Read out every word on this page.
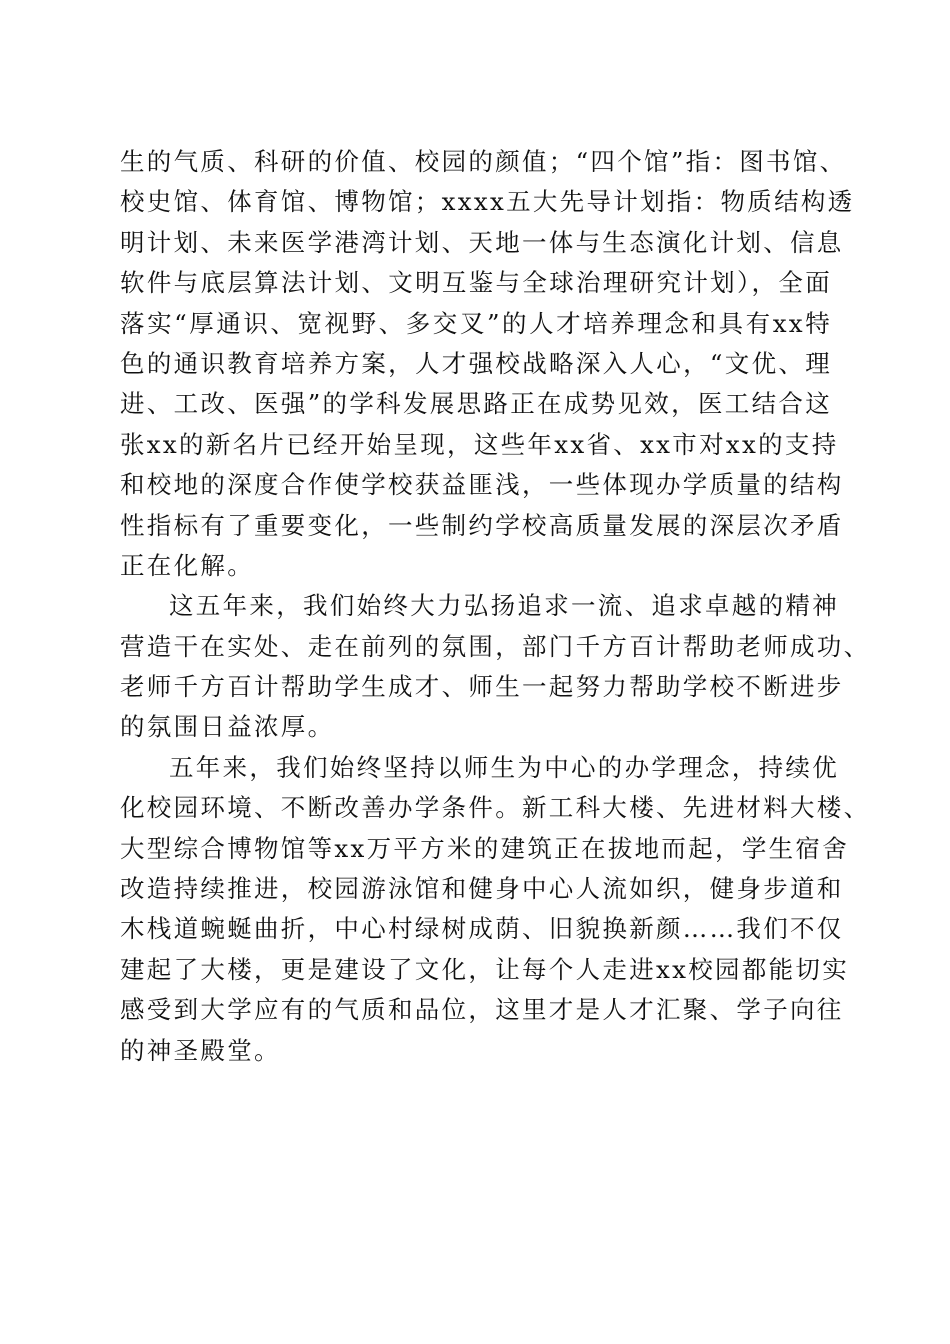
生的气质、科研的价值、校园的颜值；“四个馆”指：图书馆、
校史馆、体育馆、博物馆；xxxx五大先导计划指：物质结构透
明计划、未来医学港湾计划、天地一体与生态演化计划、信息
软件与底层算法计划、文明互鉴与全球治理研究计划），全面
落实“厚通识、宽视野、多交叉”的人才培养理念和具有xx特
色的通识教育培养方案，人才强校战略深入人心，“文优、理
进、工改、医强”的学科发展思路正在成势见效，医工结合这
张xx的新名片已经开始呈现，这些年xx省、xx市对xx的支持
和校地的深度合作使学校获益匪浅，一些体现办学质量的结构
性指标有了重要变化，一些制约学校高质量发展的深层次矛盾
正在化解。
这五年来，我们始终大力弘扬追求一流、追求卓越的精神
营造干在实处、走在前列的氛围，部门千方百计帮助老师成功、
老师千方百计帮助学生成才、师生一起努力帮助学校不断进步
的氛围日益浓厚。
五年来，我们始终坚持以师生为中心的办学理念，持续优
化校园环境、不断改善办学条件。新工科大楼、先进材料大楼、
大型综合博物馆等xx万平方米的建筑正在拔地而起，学生宿舍
改造持续推进，校园游泳馆和健身中心人流如织，健身步道和
木栈道蜿蜒曲折，中心村绿树成荫、旧貌换新颜……我们不仅
建起了大楼，更是建设了文化，让每个人走进xx校园都能切实
感受到大学应有的气质和品位，这里才是人才汇聚、学子向往
的神圣殿堂。
